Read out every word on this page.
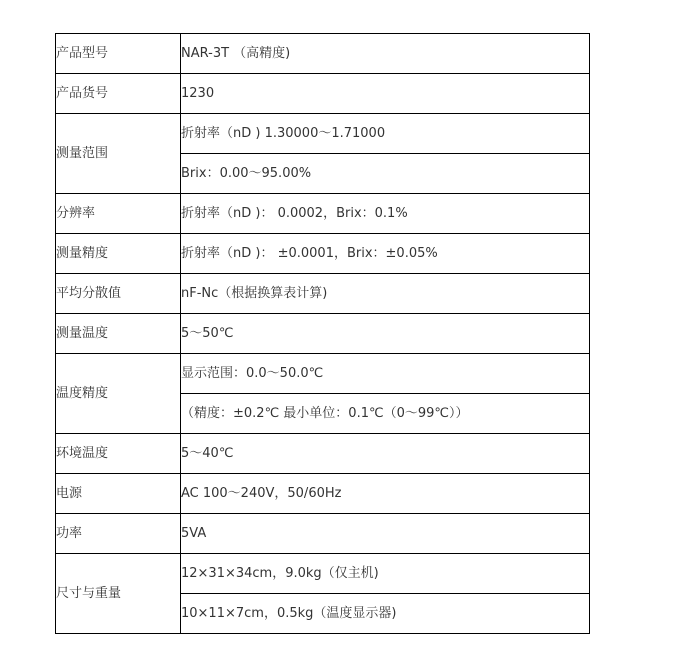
产品型号	NAR-3T （高精度)
产品货号	1230
测量范围	折射率（nD ) 1.30000～1.71000
	Brix：0.00～95.00%
分辨率	折射率（nD )： 0.0002，Brix：0.1%
测量精度	折射率（nD )： ±0.0001，Brix：±0.05%
平均分散值	nF-Nc（根据换算表计算)
测量温度	5～50℃
温度精度	显示范围：0.0～50.0℃
	（精度：±0.2℃ 最小单位：0.1℃（0～99℃））
环境温度	5～40℃
电源	AC 100～240V，50/60Hz
功率	5VA
尺寸与重量	12×31×34cm，9.0kg（仅主机)
	10×11×7cm，0.5kg（温度显示器)
